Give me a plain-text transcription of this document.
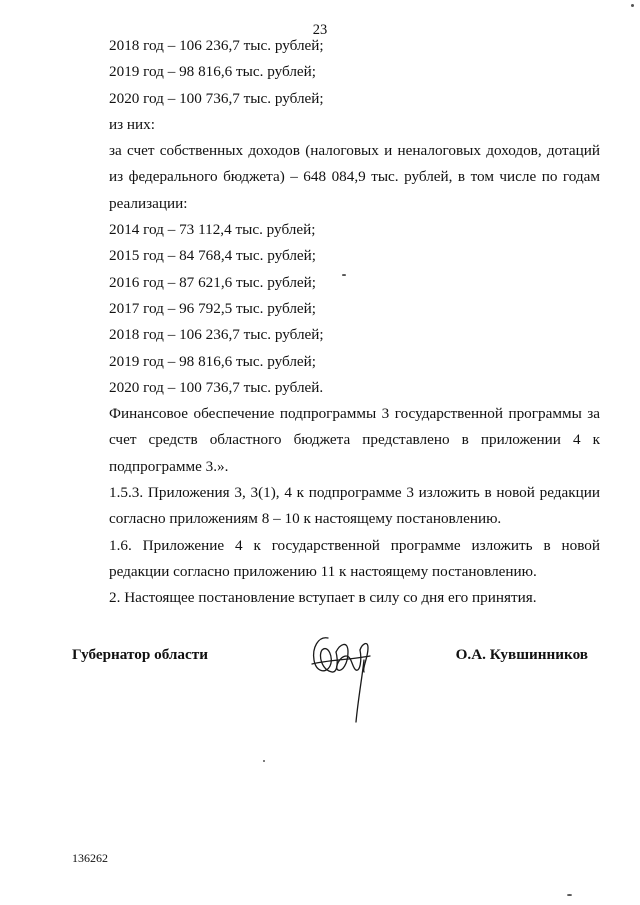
23

2018 год – 106 236,7 тыс. рублей;

2019 год – 98 816,6 тыс. рублей;

2020 год – 100 736,7 тыс. рублей;

из них:

за счет собственных доходов (налоговых и неналоговых доходов, дотаций из федерального бюджета) – 648 084,9 тыс. рублей, в том числе по годам реализации:

2014 год – 73 112,4 тыс. рублей;

2015 год – 84 768,4 тыс. рублей;

2016 год – 87 621,6 тыс. рублей;

2017 год – 96 792,5 тыс. рублей;

2018 год – 106 236,7 тыс. рублей;

2019 год – 98 816,6 тыс. рублей;

2020 год – 100 736,7 тыс. рублей.

Финансовое обеспечение подпрограммы 3 государственной программы за счет средств областного бюджета представлено в приложении 4 к подпрограмме 3.».

1.5.3. Приложения 3, 3(1), 4 к подпрограмме 3 изложить в новой редакции согласно приложениям 8 – 10 к настоящему постановлению.

1.6. Приложение 4 к государственной программе изложить в новой редакции согласно приложению 11 к настоящему постановлению.

2. Настоящее постановление вступает в силу со дня его принятия.

Губернатор области	О.А. Кувшинников
136262
